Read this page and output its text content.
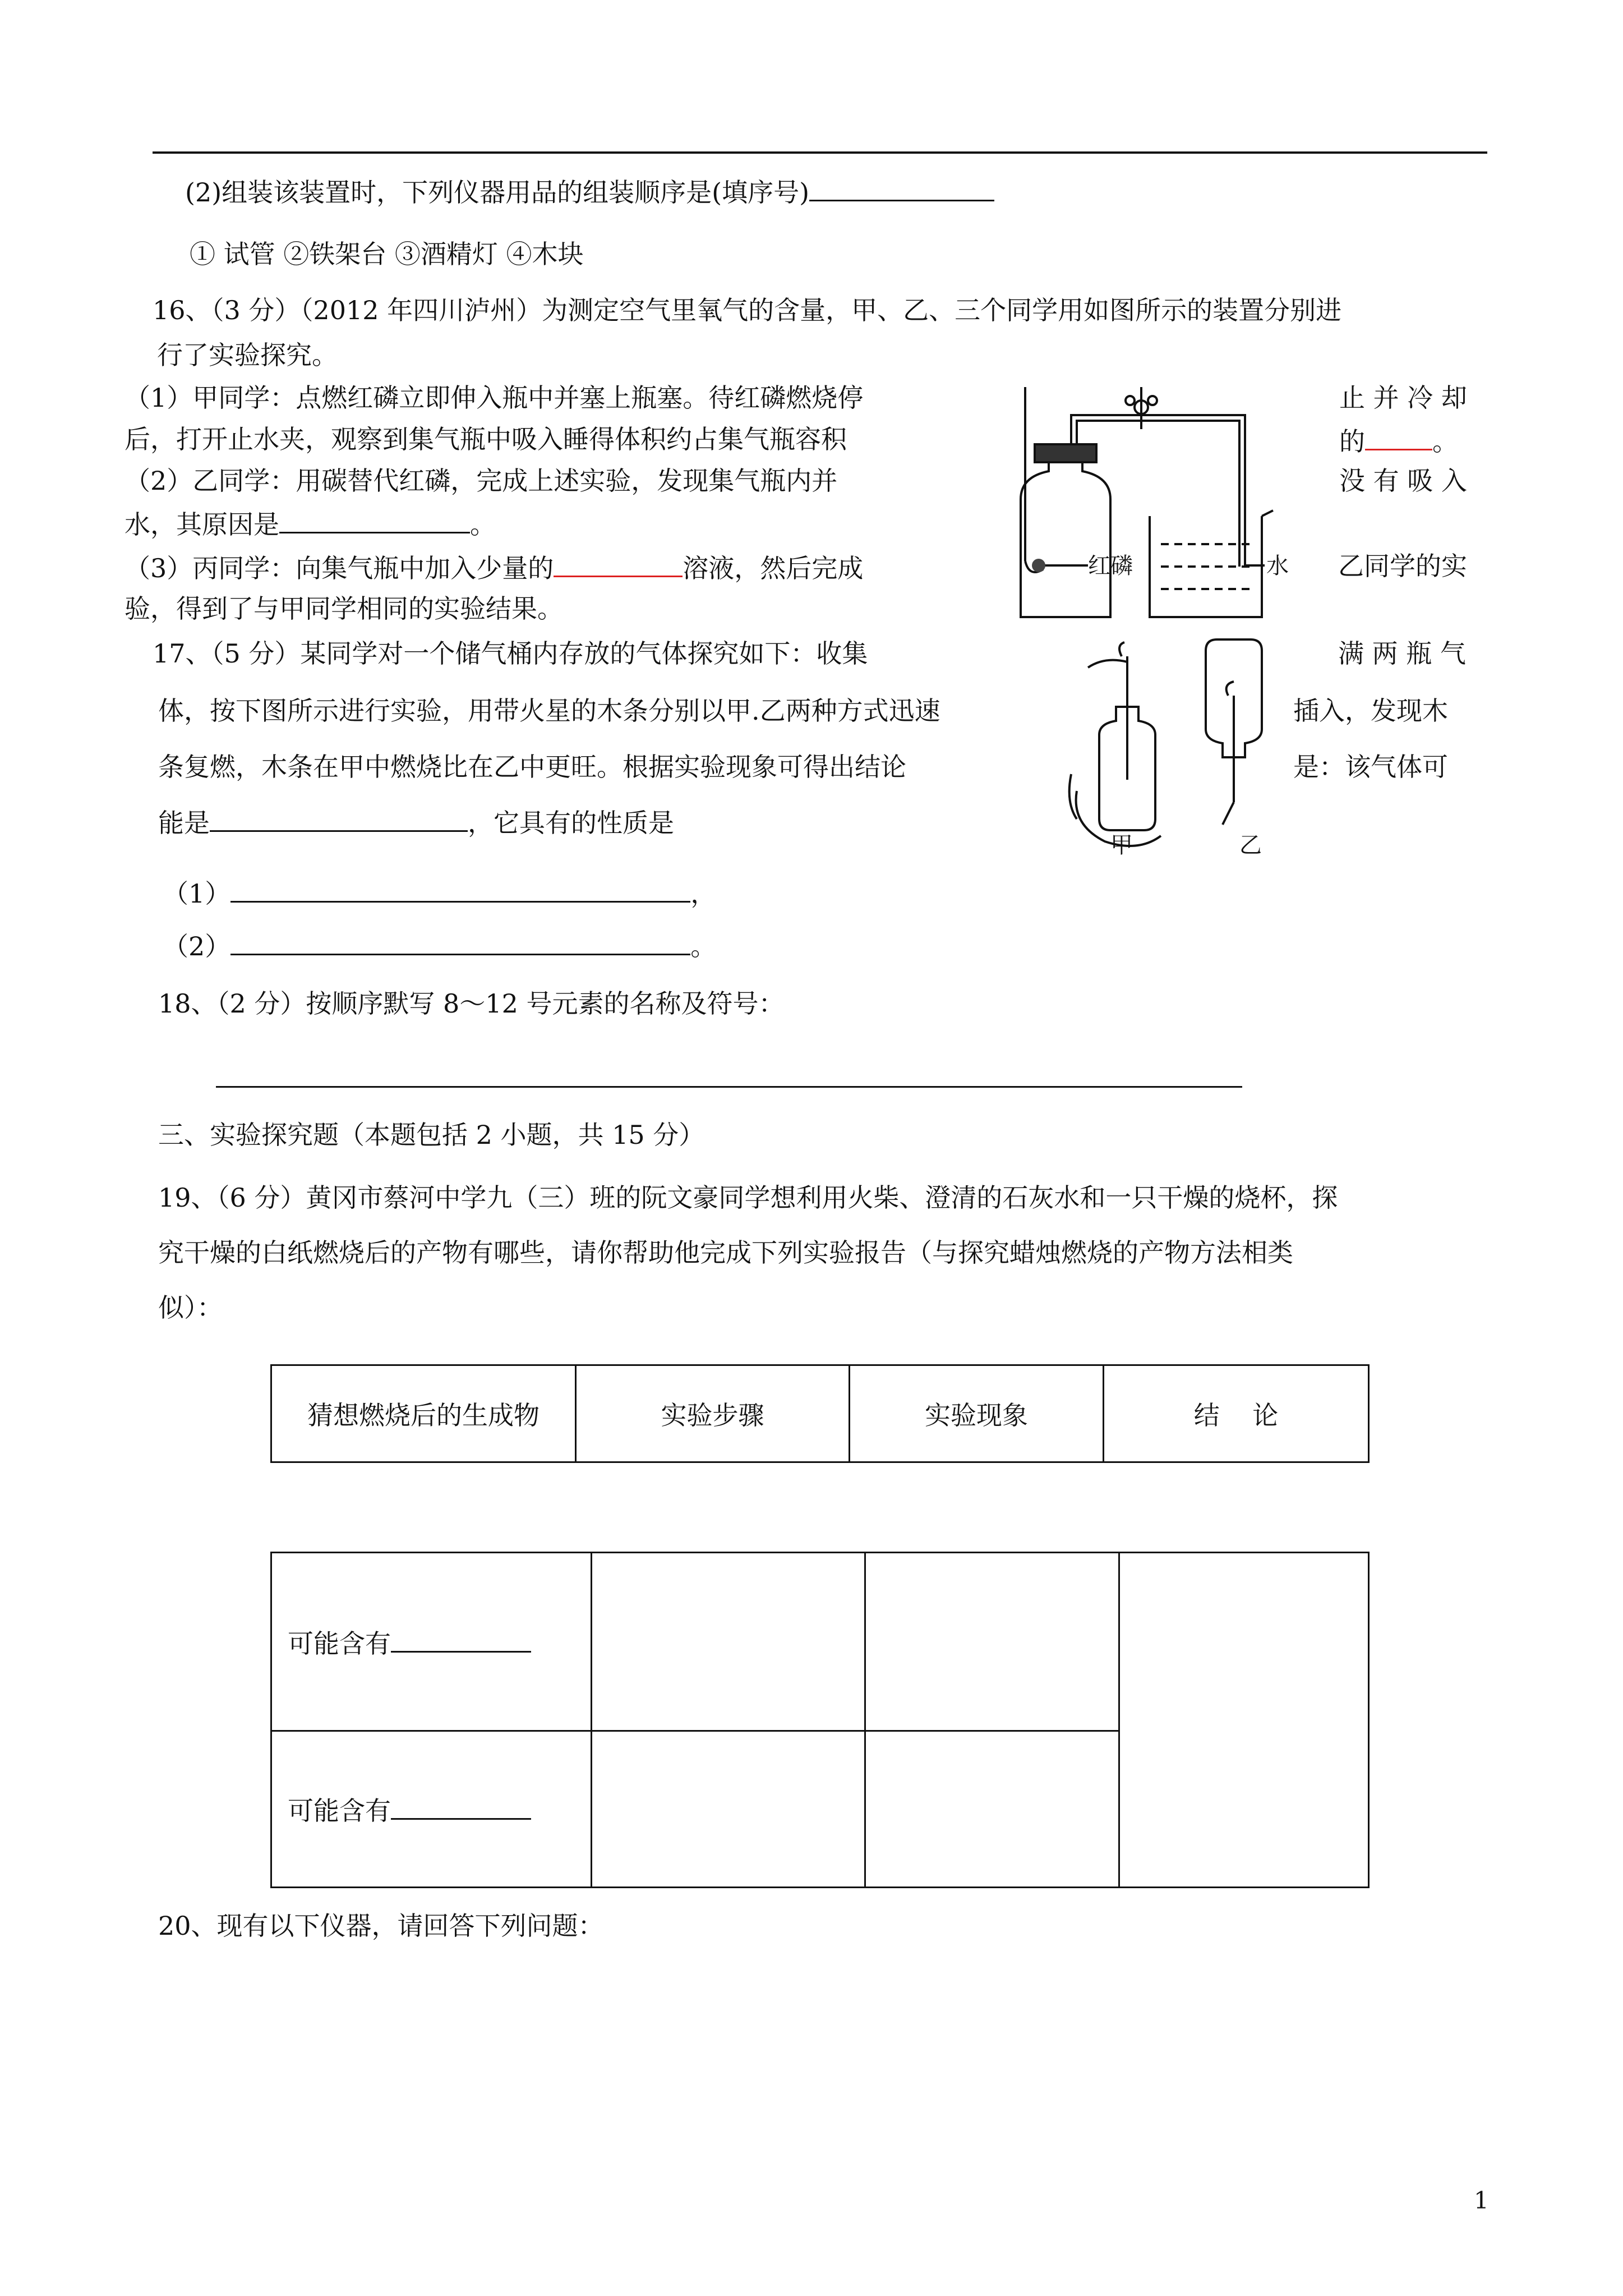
(2)组装该装置时，下列仪器用品的组装顺序是(填序号)
① 试管 ②铁架台 ③酒精灯 ④木块
16、（3 分）（2012 年四川泸州）为测定空气里氧气的含量，甲、乙、三个同学用如图所示的装置分别进
行了实验探究。
（1）甲同学：点燃红磷立即伸入瓶中并塞上瓶塞。待红磷燃烧停	止 并 冷 却
后，打开止水夹，观察到集气瓶中吸入睡得体积约占集气瓶容积	的	。
（2）乙同学：用碳替代红磷，完成上述实验，发现集气瓶内并	没 有 吸 入
水，其原因是	。
（3）丙同学：向集气瓶中加入少量的	溶液，然后完成	乙同学的实
验，得到了与甲同学相同的实验结果。
红磷	水
17、（5 分）某同学对一个储气桶内存放的气体探究如下：收集	满 两 瓶 气
体，按下图所示进行实验，用带火星的木条分别以甲.乙两种方式迅速	插入，发现木
条复燃，木条在甲中燃烧比在乙中更旺。根据实验现象可得出结论	是：该气体可
能是	，它具有的性质是
甲	乙
（1）	，
（2）	。
18、（2 分）按顺序默写 8～12 号元素的名称及符号：
三、实验探究题（本题包括 2 小题，共 15 分）
19、（6 分）黄冈市蔡河中学九（三）班的阮文豪同学想利用火柴、澄清的石灰水和一只干燥的烧杯，探
究干燥的白纸燃烧后的产物有哪些，请你帮助他完成下列实验报告（与探究蜡烛燃烧的产物方法相类
似）：
猜想燃烧后的生成物	实验步骤	实验现象	结    论
可能含有			
可能含有			
20、现有以下仪器，请回答下列问题：
1
